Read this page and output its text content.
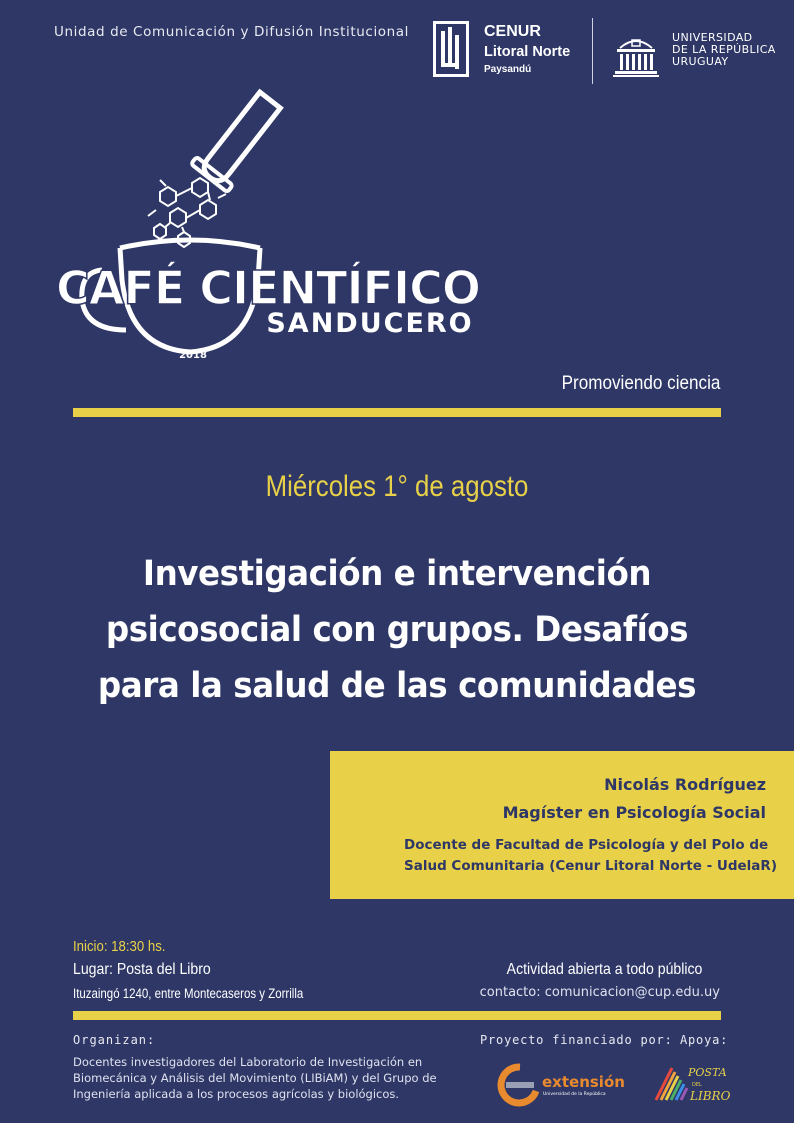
Unidad de Comunicación y Difusión Institucional	CENUR
Litoral Norte
Paysandú
UNIVERSIDAD
DE LA REPÚBLICA
URUGUAY
CAFÉ CIENTÍFICO
SANDUCERO
2018
Promoviendo ciencia
Miércoles 1° de agosto
Investigación e intervención
psicosocial con grupos. Desafíos
para la salud de las comunidades
Nicolás Rodríguez
Magíster en Psicología Social
Docente de Facultad de Psicología y del Polo de
Salud Comunitaria (Cenur Litoral Norte - UdelaR)
Inicio: 18:30 hs.
Lugar: Posta del Libro
Ituzaingó 1240, entre Montecaseros y Zorrilla
Actividad abierta a todo público
contacto: comunicacion@cup.edu.uy
Organizan:
Docentes investigadores del Laboratorio de Investigación en
Biomecánica y Análisis del Movimiento (LIBiAM) y del Grupo de
Ingeniería aplicada a los procesos agrícolas y biológicos.
Proyecto financiado por:
extensión
Universidad de la República
Apoya:
POSTA
DEL
LIBRO
